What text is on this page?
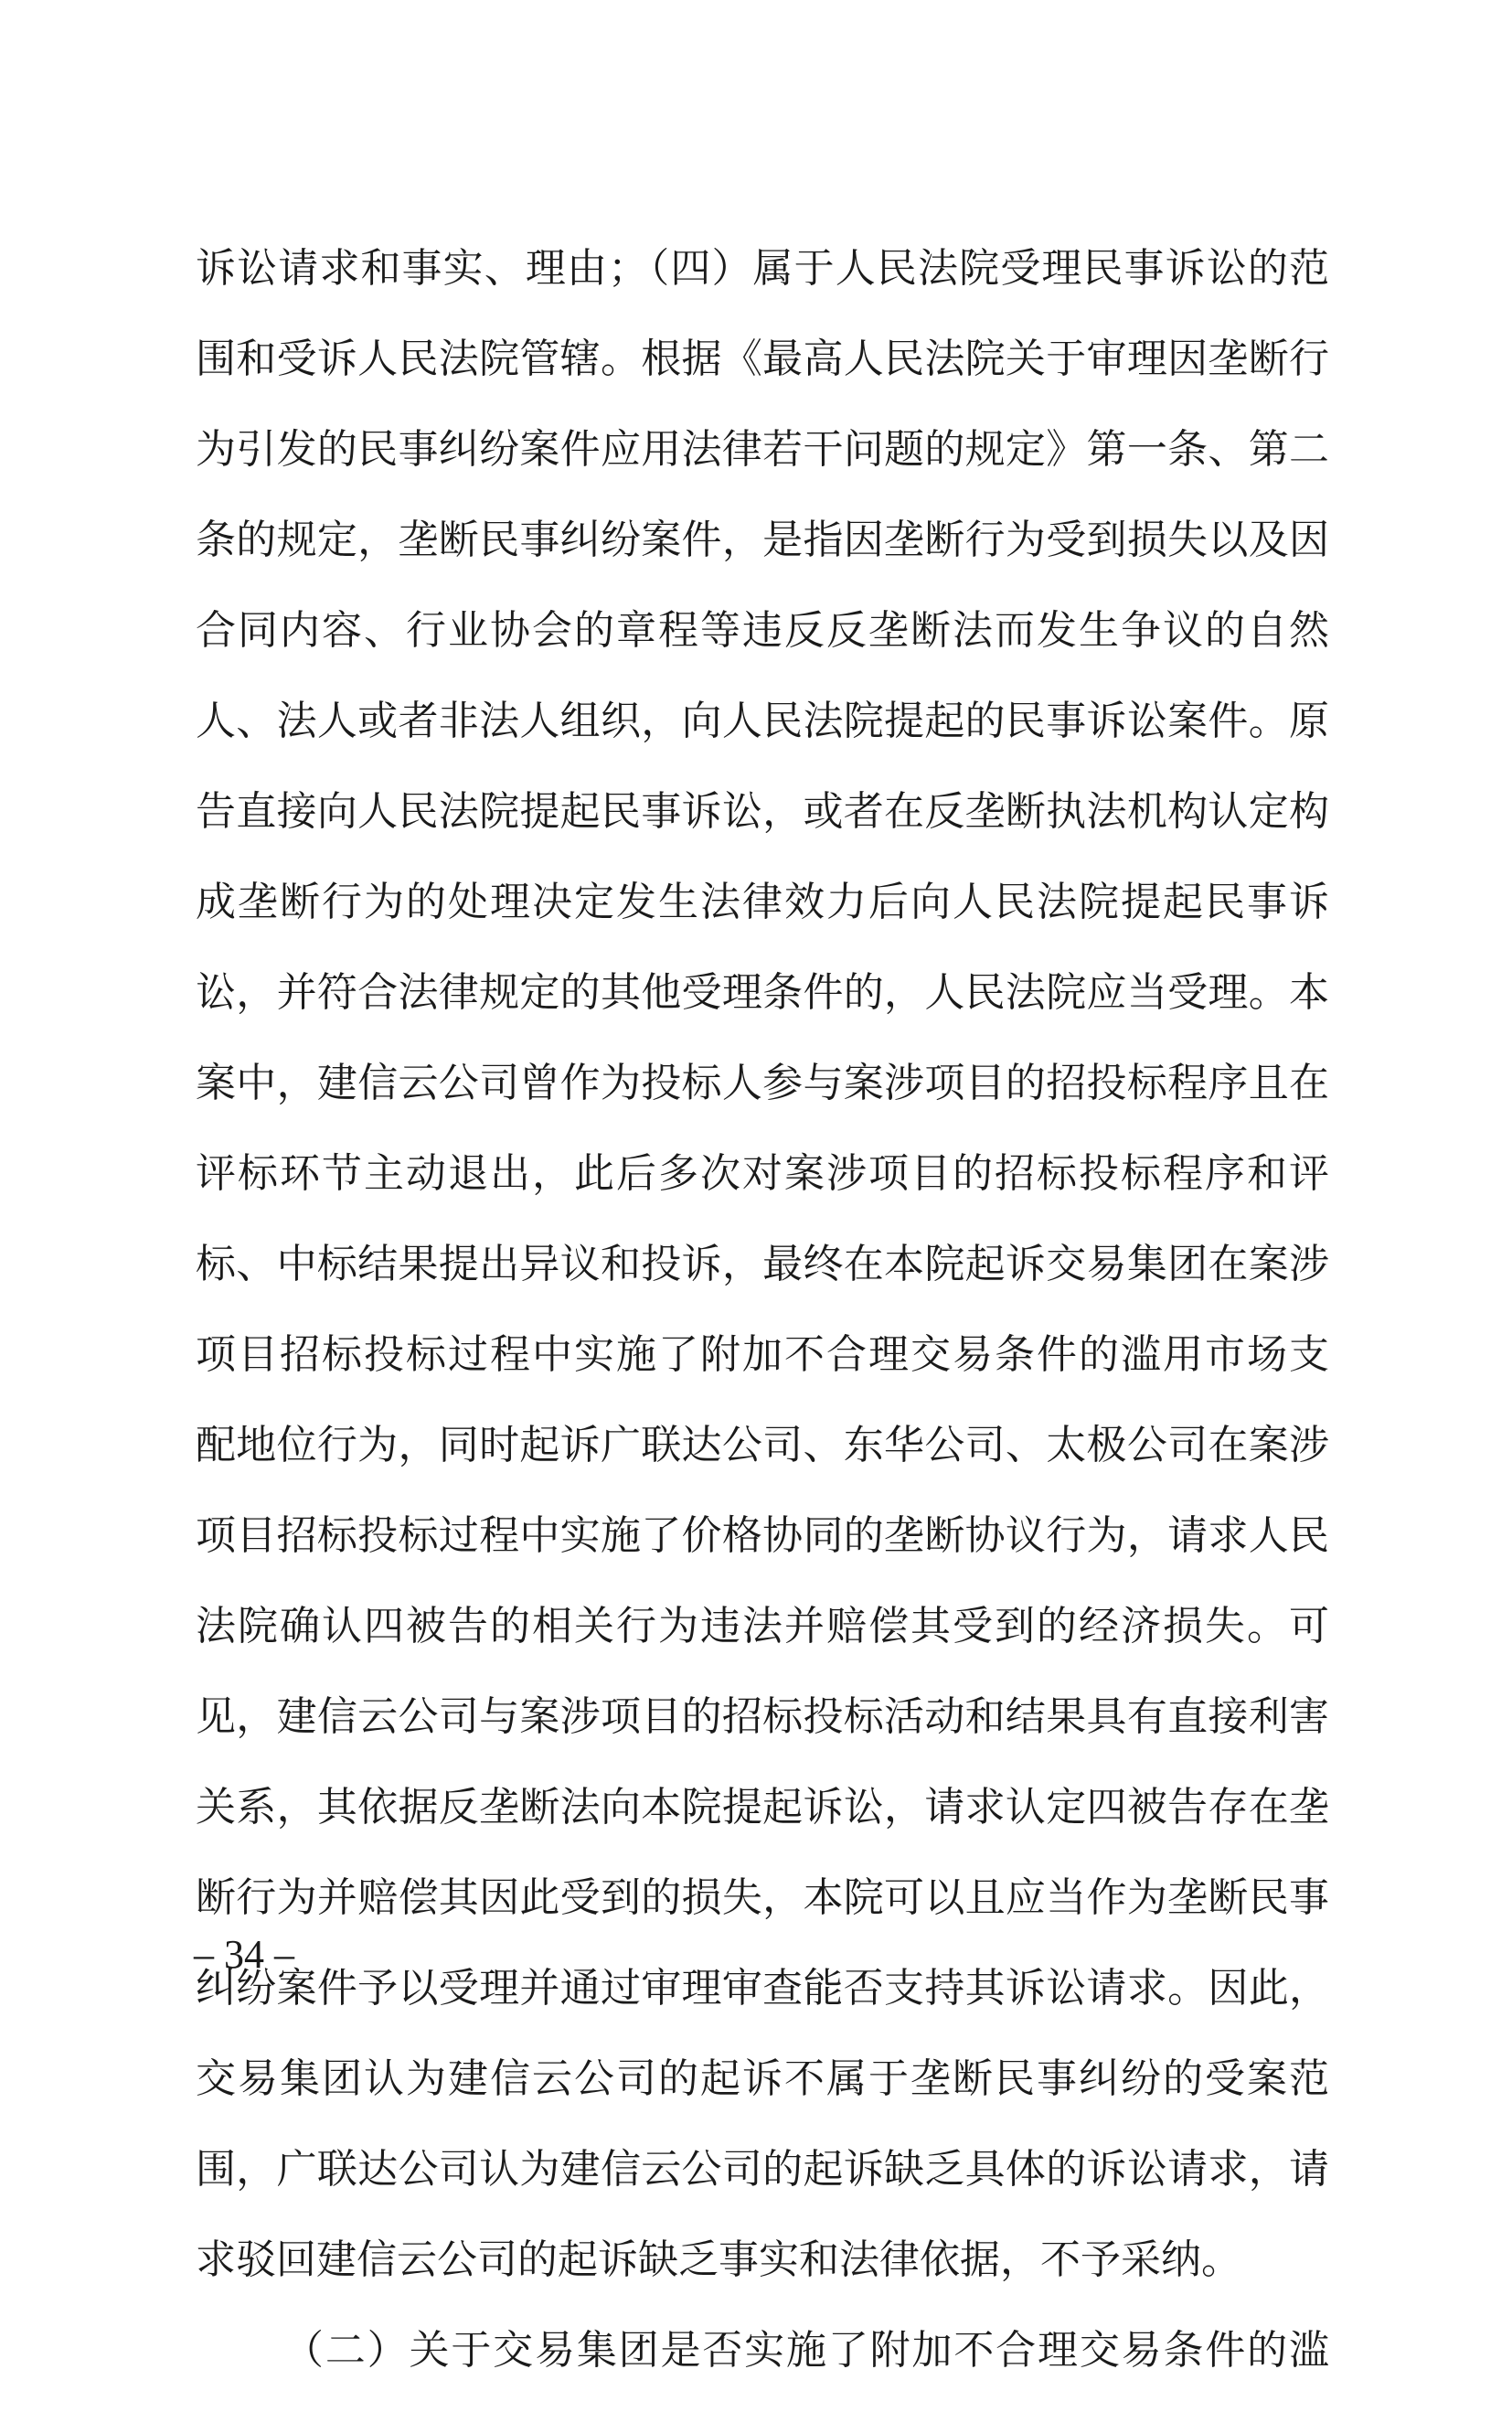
诉讼请求和事实、理由；（四）属于人民法院受理民事诉讼的范
围和受诉人民法院管辖。根据《最高人民法院关于审理因垄断行
为引发的民事纠纷案件应用法律若干问题的规定》第一条、第二
条的规定，垄断民事纠纷案件，是指因垄断行为受到损失以及因
合同内容、行业协会的章程等违反反垄断法而发生争议的自然
人、法人或者非法人组织，向人民法院提起的民事诉讼案件。原
告直接向人民法院提起民事诉讼，或者在反垄断执法机构认定构
成垄断行为的处理决定发生法律效力后向人民法院提起民事诉
讼，并符合法律规定的其他受理条件的，人民法院应当受理。本
案中，建信云公司曾作为投标人参与案涉项目的招投标程序且在
评标环节主动退出，此后多次对案涉项目的招标投标程序和评
标、中标结果提出异议和投诉，最终在本院起诉交易集团在案涉
项目招标投标过程中实施了附加不合理交易条件的滥用市场支
配地位行为，同时起诉广联达公司、东华公司、太极公司在案涉
项目招标投标过程中实施了价格协同的垄断协议行为，请求人民
法院确认四被告的相关行为违法并赔偿其受到的经济损失。可
见，建信云公司与案涉项目的招标投标活动和结果具有直接利害
关系，其依据反垄断法向本院提起诉讼，请求认定四被告存在垄
断行为并赔偿其因此受到的损失，本院可以且应当作为垄断民事
纠纷案件予以受理并通过审理审查能否支持其诉讼请求。因此，
交易集团认为建信云公司的起诉不属于垄断民事纠纷的受案范
围，广联达公司认为建信云公司的起诉缺乏具体的诉讼请求，请
求驳回建信云公司的起诉缺乏事实和法律依据，不予采纳。
（二）关于交易集团是否实施了附加不合理交易条件的滥
– 34 –
